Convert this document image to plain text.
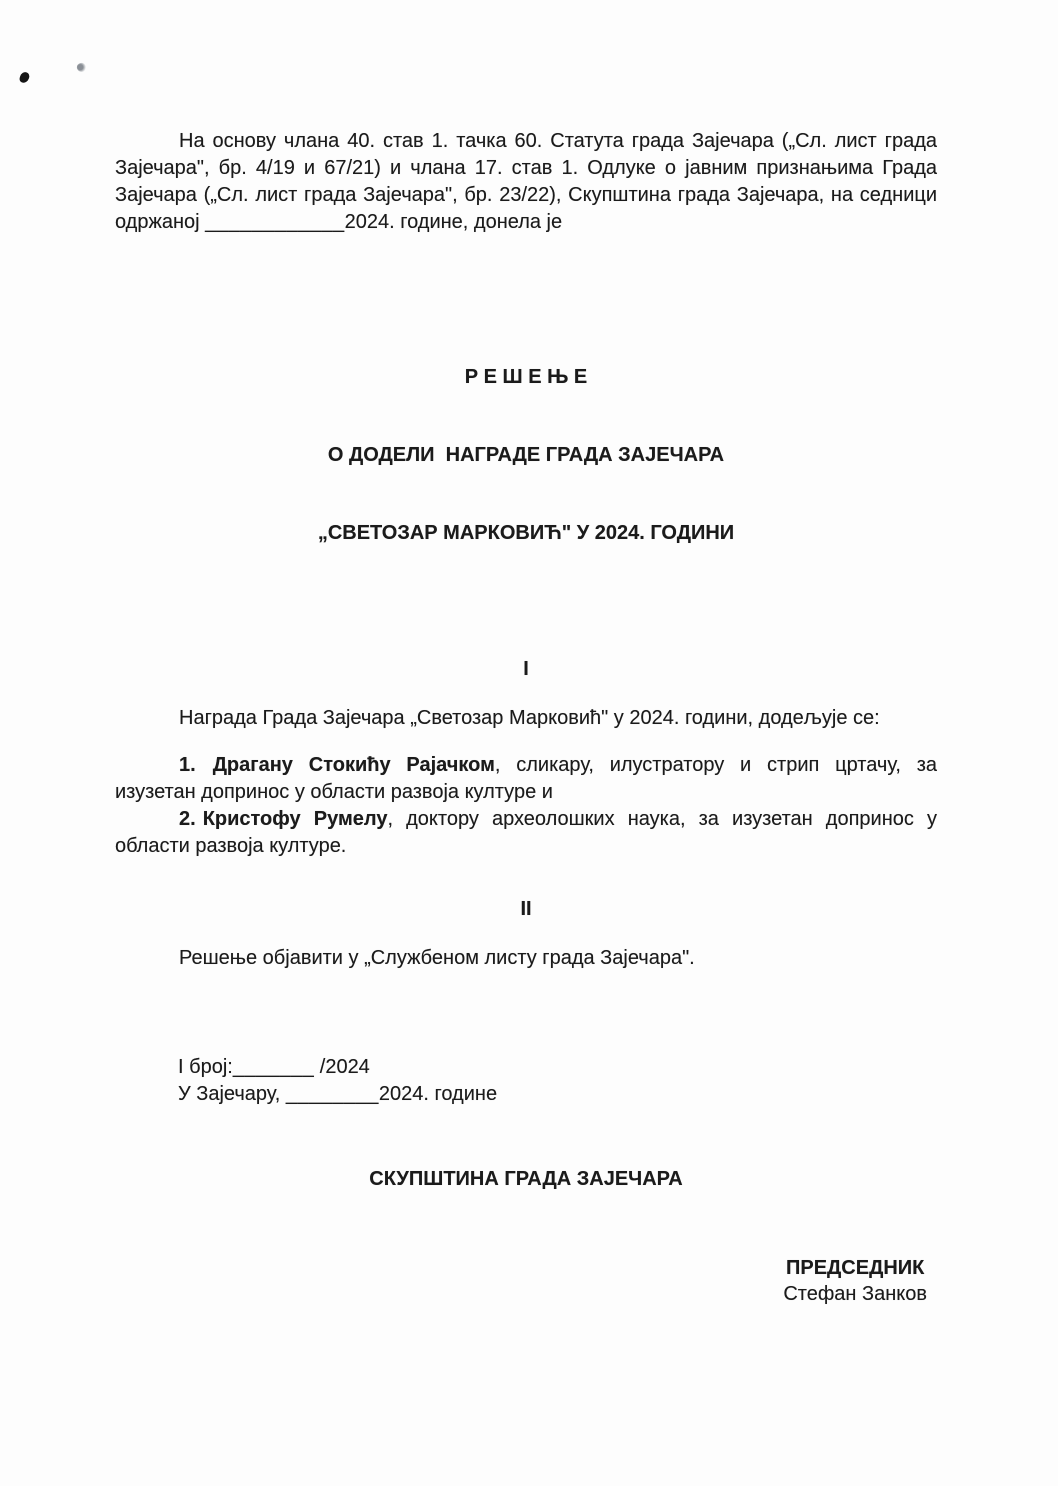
На основу члана 40. став 1. тачка 60. Статута града Зајечара („Сл. лист града Зајечара", бр. 4/19 и 67/21) и члана 17. став 1. Одлуке о јавним признањима Града Зајечара („Сл. лист града Зајечара", бр. 23/22), Скупштина града Зајечара, на седници одржаној ____________2024. године, донела је

Р Е Ш Е Њ Е

О ДОДЕЛИ  НАГРАДЕ ГРАДА ЗАЈЕЧАРА

„СВЕТОЗАР МАРКОВИЋ" У 2024. ГОДИНИ

I

Награда Града Зајечара „Светозар Марковић" у 2024. години, додељује се:

1. Драгану Стокићу Рајачком, сликару, илустратору и стрип цртачу, за изузетан допринос у области развоја културе и

2. Кристофу Румелу, доктору археолошких наука, за изузетан допринос у области развоја културе.

II

Решење објавити у „Службеном листу града Зајечара".

I број:_______ /2024
У Зајечару, ________2024. године
СКУПШТИНА ГРАДА ЗАЈЕЧАРА
ПРЕДСЕДНИК
Стефан Занков
